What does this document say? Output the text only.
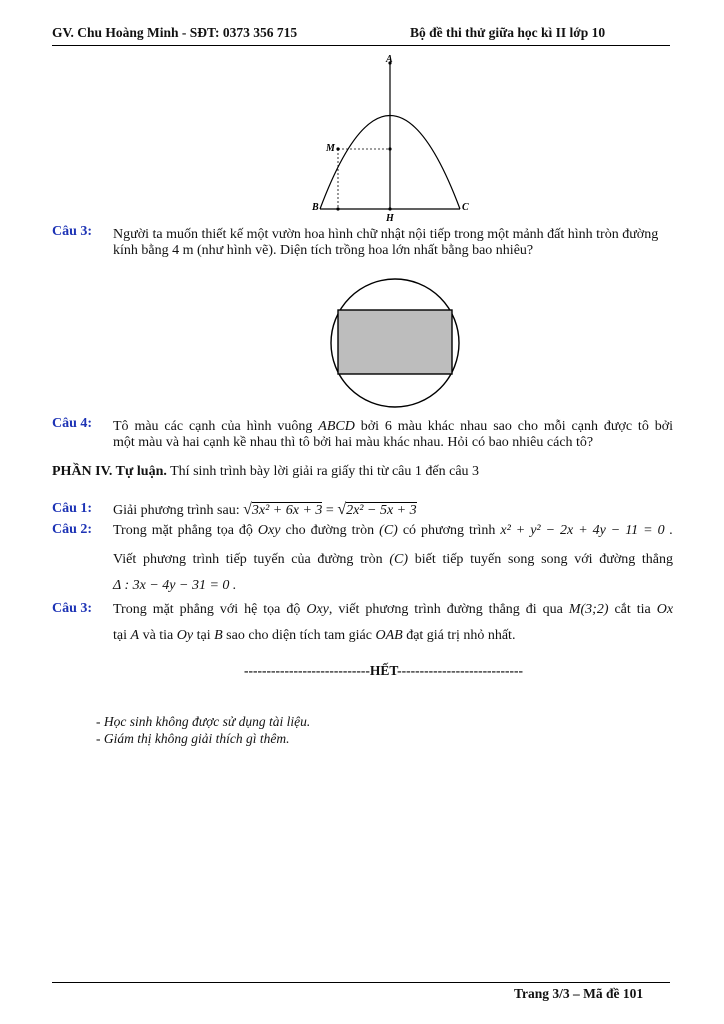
GV. Chu Hoàng Minh - SĐT: 0373 356 715	Bộ đề thi thử giữa học kì II lớp 10
A
M
B	C
H
Câu 3: Người ta muốn thiết kế một vườn hoa hình chữ nhật nội tiếp trong một mảnh đất hình tròn đường
kính bằng 4 m (như hình vẽ). Diện tích trồng hoa lớn nhất bằng bao nhiêu?
Câu 4: Tô màu các cạnh của hình vuông ABCD bởi 6 màu khác nhau sao cho mỗi cạnh được tô bởi
một màu và hai cạnh kề nhau thì tô bởi hai màu khác nhau. Hỏi có bao nhiêu cách tô?
PHẦN IV. Tự luận. Thí sinh trình bày lời giải ra giấy thi từ câu 1 đến câu 3
Câu 1: Giải phương trình sau: √3x² + 6x + 3 = √2x² − 5x + 3
Câu 2: Trong mặt phẳng tọa độ Oxy cho đường tròn (C) có phương trình x² + y² − 2x + 4y − 11 = 0 .
Viết phương trình tiếp tuyến của đường tròn (C) biết tiếp tuyến song song với đường thẳng
Δ : 3x − 4y − 31 = 0 .
Câu 3: Trong mặt phẳng với hệ tọa độ Oxy, viết phương trình đường thẳng đi qua M(3;2) cắt tia Ox
tại A và tia Oy tại B sao cho diện tích tam giác OAB đạt giá trị nhỏ nhất.
----------------------------HẾT----------------------------
- Học sinh không được sử dụng tài liệu.
- Giám thị không giải thích gì thêm.
Trang 3/3 – Mã đề 101
